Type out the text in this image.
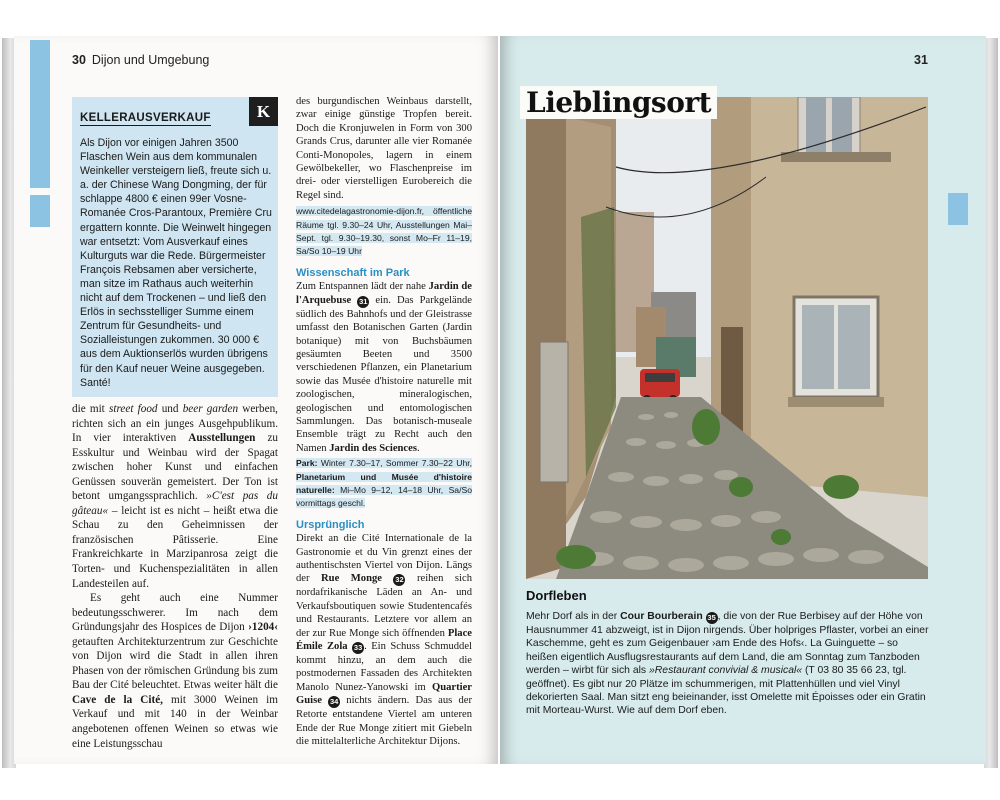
30 Dijon und Umgebung	31
K
KELLERAUSVERKAUF
Als Dijon vor einigen Jahren 3500 Flaschen Wein aus dem kommunalen Weinkeller versteigern ließ, freute sich u. a. der Chinese Wang Dongming, der für schlappe 4800 € einen 99er Vosne-Romanée Cros-Parantoux, Première Cru ergattern konnte. Die Weinwelt hingegen war entsetzt: Vom Ausverkauf eines Kulturguts war die Rede. Bürgermeister François Rebsamen aber versicherte, man sitze im Rathaus auch weiterhin nicht auf dem Trockenen – und ließ den Erlös in sechsstelliger Summe einem Zentrum für Gesundheits- und Sozialleistungen zukommen. 30 000 € aus dem Auktionserlös wurden übrigens für den Kauf neuer Weine ausgegeben. Santé!

die mit street food und beer garden werben, richten sich an ein junges Ausgehpublikum. In vier interaktiven Ausstellungen zu Esskultur und Weinbau wird der Spagat zwischen hoher Kunst und einfachen Genüssen souverän gemeistert. Der Ton ist betont umgangssprachlich. »C'est pas du gâteau« – leicht ist es nicht – heißt etwa die Schau zu den Geheimnissen der französischen Pâtisserie. Eine Frankreichkarte in Marzipanrosa zeigt die Torten- und Kuchenspezialitäten in allen Landesteilen auf.

Es geht auch eine Nummer bedeutungsschwerer. Im nach dem Gründungsjahr des Hospices de Dijon ›1204‹ getauften Architekturzentrum zur Geschichte von Dijon wird die Stadt in allen ihren Phasen von der römischen Gründung bis zum Bau der Cité beleuchtet. Etwas weiter hält die Cave de la Cité, mit 3000 Weinen im Verkauf und mit 140 in der Weinbar angebotenen offenen Weinen so etwas wie eine Leistungsschau

des burgundischen Weinbaus darstellt, zwar einige günstige Tropfen bereit. Doch die Kronjuwelen in Form von 300 Grands Crus, darunter alle vier Romanée Conti-Monopoles, lagern in einem Gewölbekeller, wo Flaschenpreise im drei- oder vierstelligen Eurobereich die Regel sind.

www.citedelagastronomie-dijon.fr, öffentliche Räume tgl. 9.30–24 Uhr, Ausstellungen Mai–Sept. tgl. 9.30–19.30, sonst Mo–Fr 11–19, Sa/So 10–19 Uhr

Wissenschaft im Park

Zum Entspannen lädt der nahe Jardin de l'Arquebuse 31 ein. Das Parkgelände südlich des Bahnhofs und der Gleistrasse umfasst den Botanischen Garten (Jardin botanique) mit von Buchsbäumen gesäumten Beeten und 3500 verschiedenen Pflanzen, ein Planetarium sowie das Musée d'histoire naturelle mit zoologischen, mineralogischen, geologischen und entomologischen Sammlungen. Das botanisch-museale Ensemble trägt zu Recht auch den Namen Jardin des Sciences.

Park: Winter 7.30–17, Sommer 7.30–22 Uhr, Planetarium und Musée d'histoire naturelle: Mi–Mo 9–12, 14–18 Uhr, Sa/So vormittags geschl.

Ursprünglich

Direkt an die Cité Internationale de la Gastronomie et du Vin grenzt eines der authentischsten Viertel von Dijon. Längs der Rue Monge 32 reihen sich nordafrikanische Läden an An- und Verkaufsboutiquen sowie Studentencafés und Restaurants. Letztere vor allem an der zur Rue Monge sich öffnenden Place Émile Zola 33 . Ein Schuss Schmuddel kommt hinzu, an dem auch die postmodernen Fassaden des Architekten Manolo Nunez-Yanowski im Quartier Guise 34 nichts ändern. Das aus der Retorte entstandene Viertel am unteren Ende der Rue Monge zitiert mit Giebeln die mittelalterliche Architektur Dijons.

Lieblingsort
Dorfleben
Mehr Dorf als in der Cour Bourberain 35 , die von der Rue Berbisey auf der Höhe von Hausnummer 41 abzweigt, ist in Dijon nirgends. Über holpriges Pflaster, vorbei an einer Kaschemme, geht es zum Geigenbauer ›am Ende des Hofs‹. La Guinguette – so heißen eigentlich Ausflugsrestaurants auf dem Land, die am Sonntag zum Tanzboden werden – wirbt für sich als »Restaurant convivial & musical« (T 03 80 35 66 23, tgl. geöffnet). Es gibt nur 20 Plätze im schummerigen, mit Plattenhüllen und viel Vinyl dekorierten Saal. Man sitzt eng beieinander, isst Omelette mit Époisses oder ein Gratin mit Morteau-Wurst. Wie auf dem Dorf eben.
